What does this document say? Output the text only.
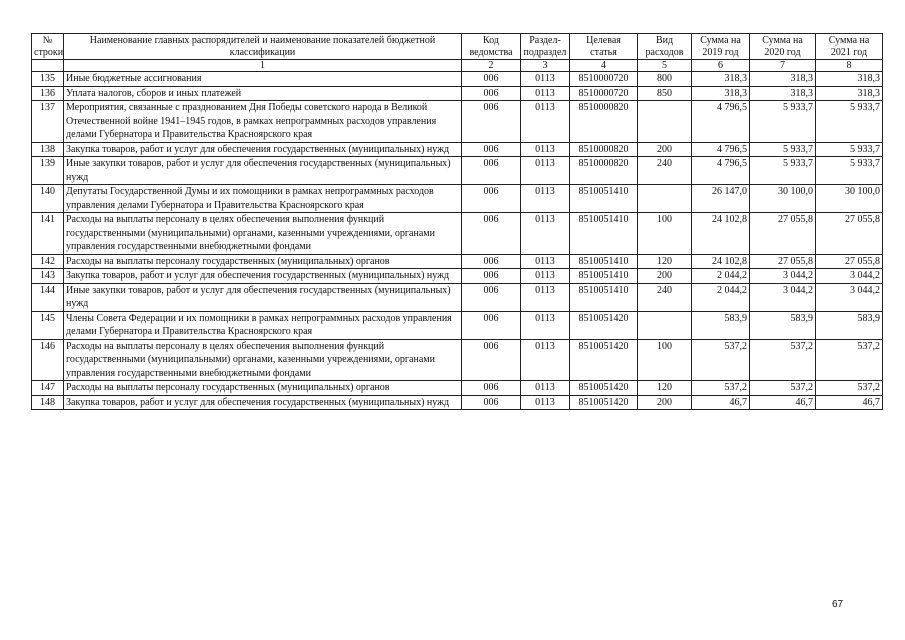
№ строки	Наименование главных распорядителей и наименование показателей бюджетной классификации	Код ведомства	Раздел-подраздел	Целевая статья	Вид расходов	Сумма на 2019 год	Сумма на 2020 год	Сумма на 2021 год
	1	2	3	4	5	6	7	8
135	Иные бюджетные ассигнования	006	0113	8510000720	800	318,3	318,3	318,3
136	Уплата налогов, сборов и иных платежей	006	0113	8510000720	850	318,3	318,3	318,3
137	Мероприятия, связанные с празднованием Дня Победы советского народа в Великой Отечественной войне 1941–1945 годов, в рамках непрограммных расходов управления делами Губернатора и Правительства Красноярского края	006	0113	8510000820		4 796,5	5 933,7	5 933,7
138	Закупка товаров, работ и услуг для обеспечения государственных (муниципальных) нужд	006	0113	8510000820	200	4 796,5	5 933,7	5 933,7
139	Иные закупки товаров, работ и услуг для обеспечения государственных (муниципальных) нужд	006	0113	8510000820	240	4 796,5	5 933,7	5 933,7
140	Депутаты Государственной Думы и их помощники в рамках непрограммных расходов управления делами Губернатора и Правительства Красноярского края	006	0113	8510051410		26 147,0	30 100,0	30 100,0
141	Расходы на выплаты персоналу в целях обеспечения выполнения функций государственными (муниципальными) органами, казенными учреждениями, органами управления государственными внебюджетными фондами	006	0113	8510051410	100	24 102,8	27 055,8	27 055,8
142	Расходы на выплаты персоналу государственных (муниципальных) органов	006	0113	8510051410	120	24 102,8	27 055,8	27 055,8
143	Закупка товаров, работ и услуг для обеспечения государственных (муниципальных) нужд	006	0113	8510051410	200	2 044,2	3 044,2	3 044,2
144	Иные закупки товаров, работ и услуг для обеспечения государственных (муниципальных) нужд	006	0113	8510051410	240	2 044,2	3 044,2	3 044,2
145	Члены Совета Федерации и их помощники в рамках непрограммных расходов управления делами Губернатора и Правительства Красноярского края	006	0113	8510051420		583,9	583,9	583,9
146	Расходы на выплаты персоналу в целях обеспечения выполнения функций государственными (муниципальными) органами, казенными учреждениями, органами управления государственными внебюджетными фондами	006	0113	8510051420	100	537,2	537,2	537,2
147	Расходы на выплаты персоналу государственных (муниципальных) органов	006	0113	8510051420	120	537,2	537,2	537,2
148	Закупка товаров, работ и услуг для обеспечения государственных (муниципальных) нужд	006	0113	8510051420	200	46,7	46,7	46,7
67
